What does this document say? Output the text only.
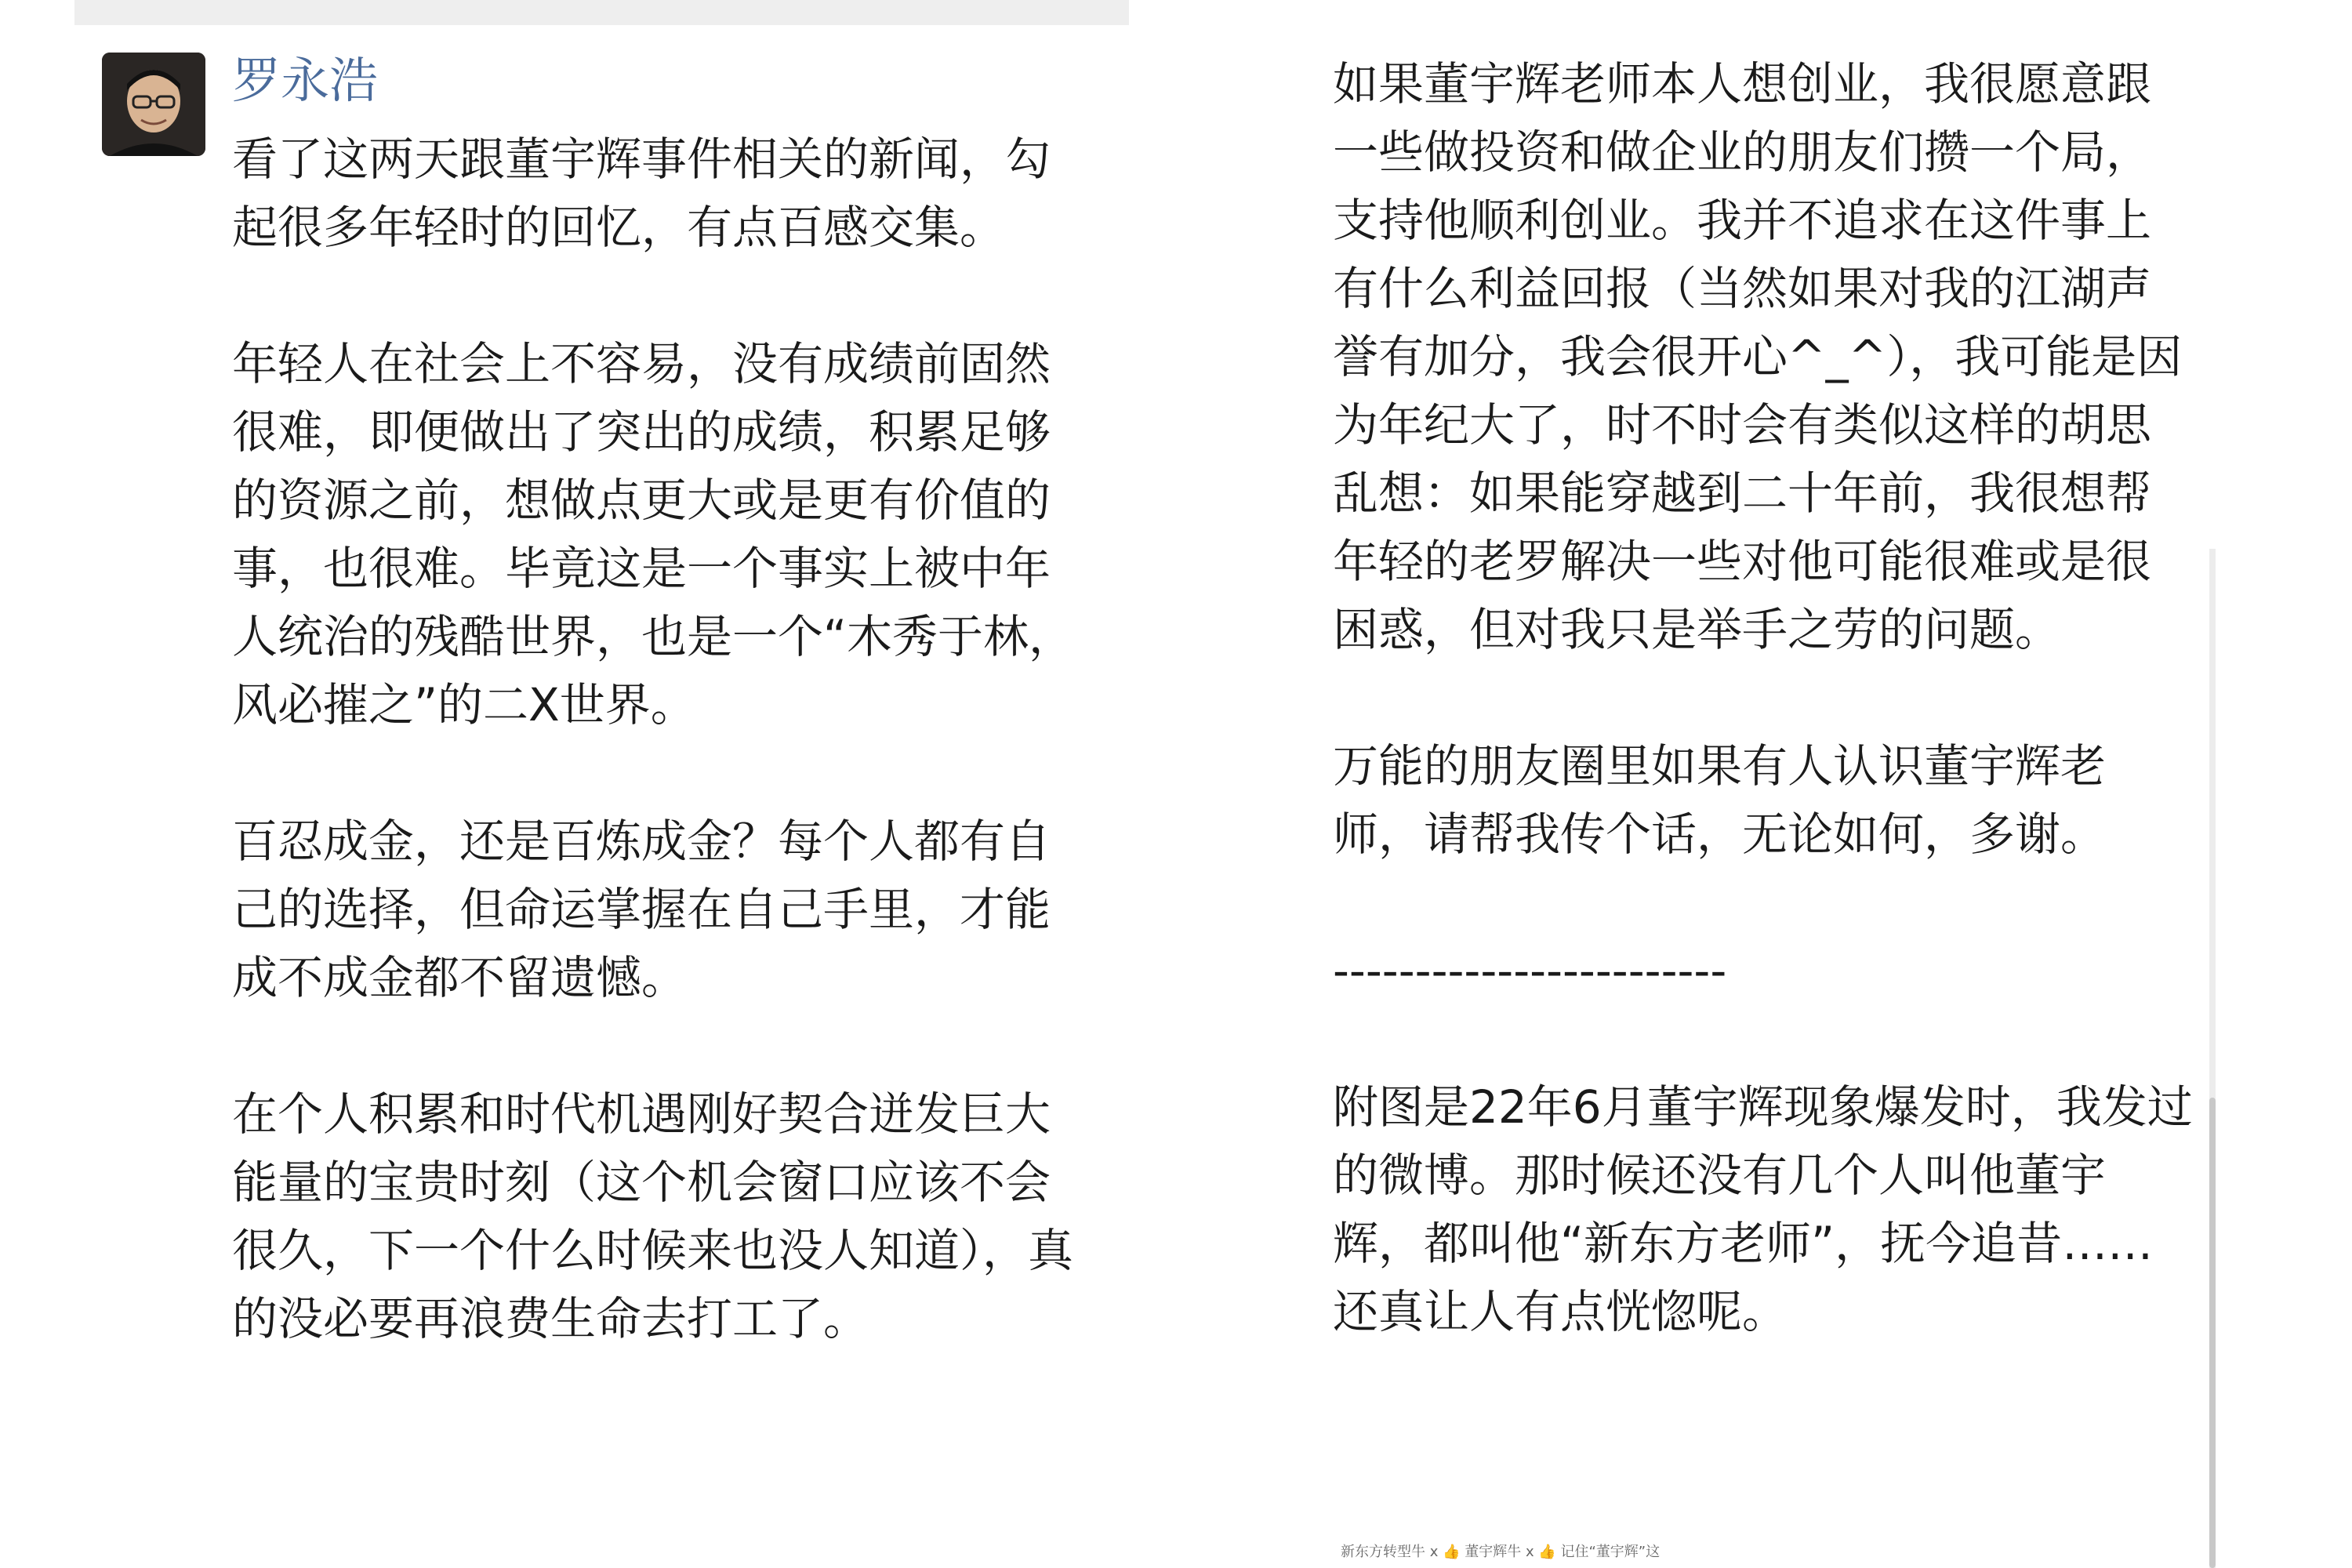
罗永浩

看了这两天跟董宇辉事件相关的新闻，勾起很多年轻时的回忆，有点百感交集。

年轻人在社会上不容易，没有成绩前固然很难，即便做出了突出的成绩，积累足够的资源之前，想做点更大或是更有价值的事，也很难。毕竟这是一个事实上被中年人统治的残酷世界，也是一个“木秀于林，风必摧之”的二X世界。

百忍成金，还是百炼成金？每个人都有自己的选择，但命运掌握在自己手里，才能成不成金都不留遗憾。

在个人积累和时代机遇刚好契合迸发巨大能量的宝贵时刻（这个机会窗口应该不会很久，下一个什么时候来也没人知道），真的没必要再浪费生命去打工了。

如果董宇辉老师本人想创业，我很愿意跟一些做投资和做企业的朋友们攒一个局，支持他顺利创业。我并不追求在这件事上有什么利益回报（当然如果对我的江湖声誉有加分，我会很开心^_^），我可能是因为年纪大了，时不时会有类似这样的胡思乱想：如果能穿越到二十年前，我很想帮年轻的老罗解决一些对他可能很难或是很困惑，但对我只是举手之劳的问题。

万能的朋友圈里如果有人认识董宇辉老师，请帮我传个话，无论如何，多谢。

------------------------

附图是22年6月董宇辉现象爆发时，我发过的微博。那时候还没有几个人叫他董宇辉，都叫他“新东方老师”，抚今追昔……还真让人有点恍惚呢。

新东方转型牛 x 👍 董宇辉牛 x 👍 记住“董宇辉”这
